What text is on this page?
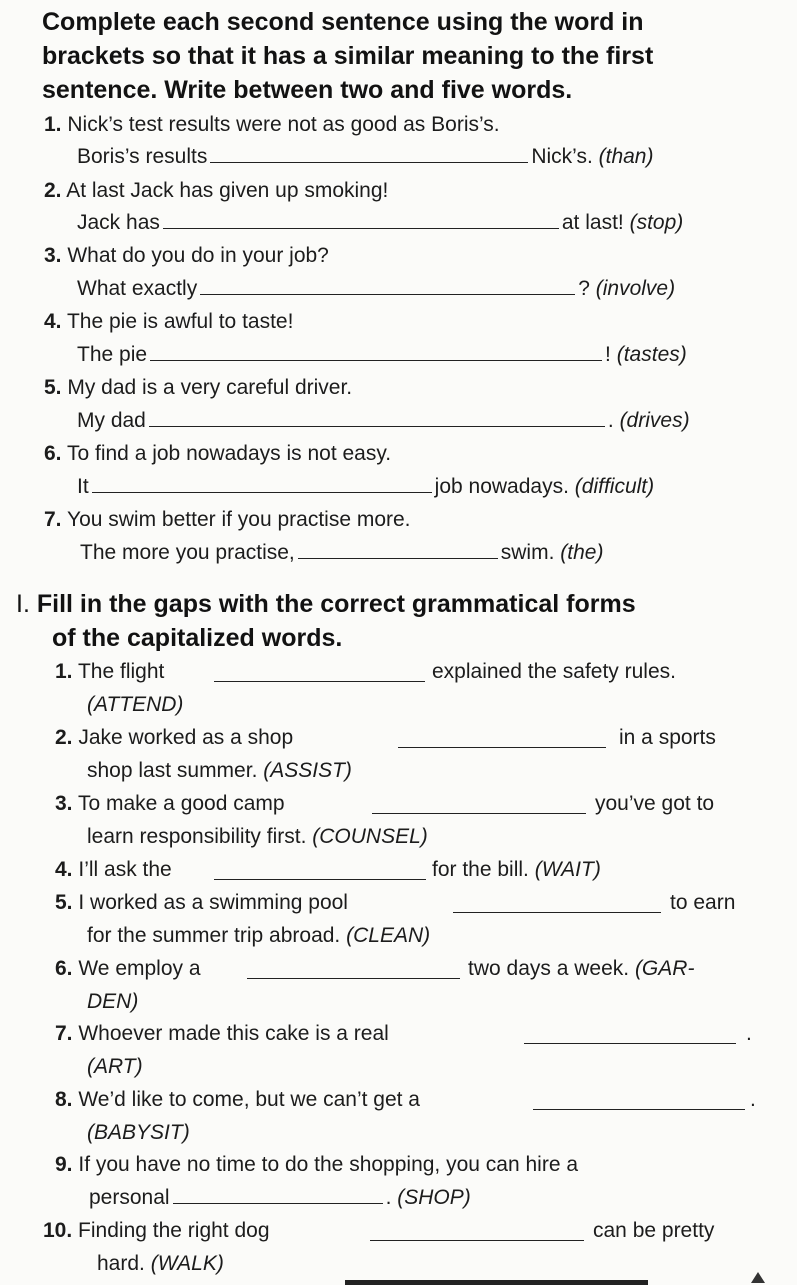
Complete each second sentence using the word in
brackets so that it has a similar meaning to the first
sentence. Write between two and five words.
1. Nick’s test results were not as good as Boris’s.
Boris’s results	Nick’s. (than)
2. At last Jack has given up smoking!
Jack has	at last! (stop)
3. What do you do in your job?
What exactly	? (involve)
4. The pie is awful to taste!
The pie	! (tastes)
5. My dad is a very careful driver.
My dad	. (drives)
6. To find a job nowadays is not easy.
It	job nowadays. (difficult)
7. You swim better if you practise more.
The more you practise,	swim. (the)
I. Fill in the gaps with the correct grammatical forms
of the capitalized words.
1. The flight	explained the safety rules.
(ATTEND)
2. Jake worked as a shop	in a sports
shop last summer. (ASSIST)
3. To make a good camp	you’ve got to
learn responsibility first. (COUNSEL)
4. I’ll ask the	for the bill. (WAIT)
5. I worked as a swimming pool	to earn
for the summer trip abroad. (CLEAN)
6. We employ a	two days a week. (GAR-
DEN)
7. Whoever made this cake is a real	.
(ART)
8. We’d like to come, but we can’t get a	.
(BABYSIT)
9. If you have no time to do the shopping, you can hire a
personal	. (SHOP)
10. Finding the right dog	can be pretty
hard. (WALK)
